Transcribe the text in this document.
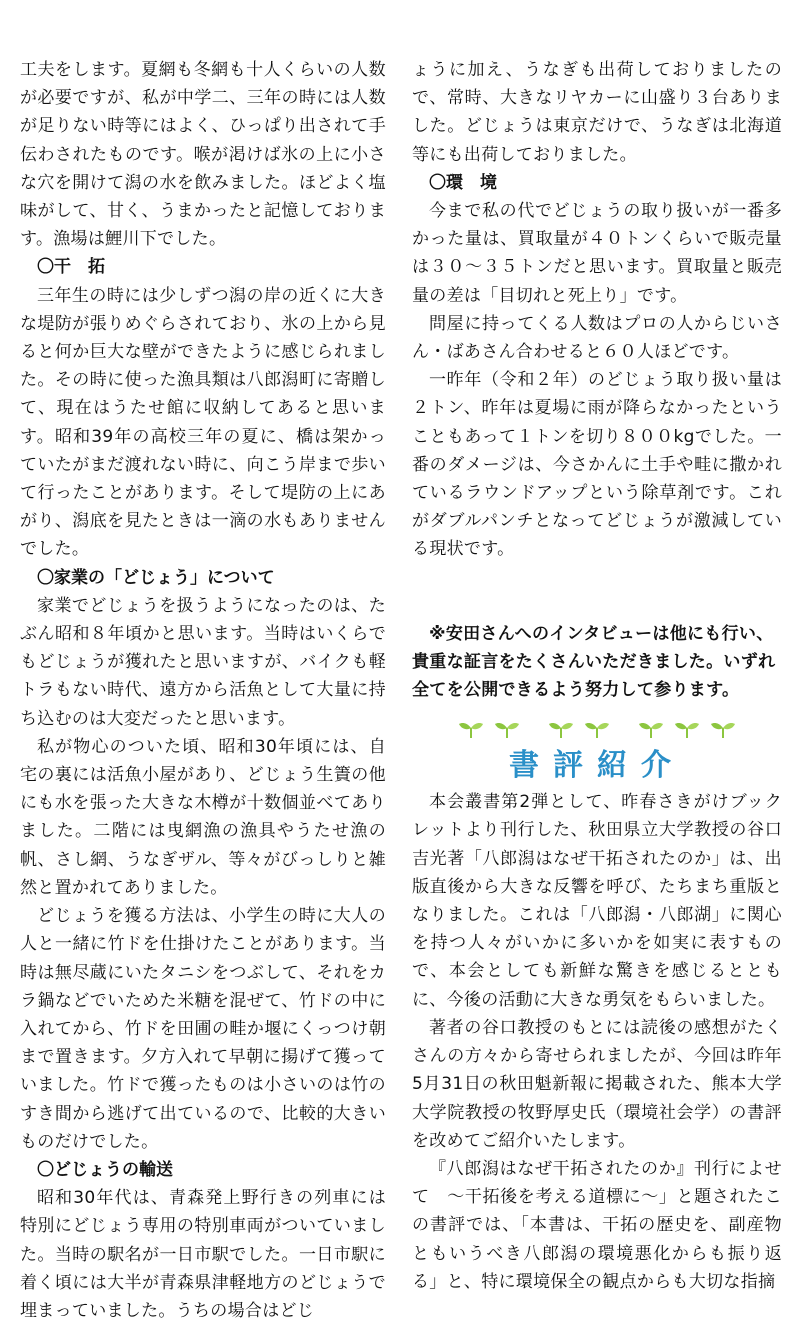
工夫をします。夏網も冬網も十人くらいの人数が必要ですが、私が中学二、三年の時には人数が足りない時等にはよく、ひっぱり出されて手伝わされたものです。喉が渇けば氷の上に小さな穴を開けて潟の水を飲みました。ほどよく塩味がして、甘く、うまかったと記憶しております。漁場は鯉川下でした。

〇干　拓

三年生の時には少しずつ潟の岸の近くに大きな堤防が張りめぐらされており、氷の上から見ると何か巨大な壁ができたように感じられました。その時に使った漁具類は八郎潟町に寄贈して、現在はうたせ館に収納してあると思います。昭和39年の高校三年の夏に、橋は架かっていたがまだ渡れない時に、向こう岸まで歩いて行ったことがあります。そして堤防の上にあがり、潟底を見たときは一滴の水もありませんでした。

〇家業の「どじょう」について

家業でどじょうを扱うようになったのは、たぶん昭和８年頃かと思います。当時はいくらでもどじょうが獲れたと思いますが、バイクも軽トラもない時代、遠方から活魚として大量に持ち込むのは大変だったと思います。

私が物心のついた頃、昭和30年頃には、自宅の裏には活魚小屋があり、どじょう生簀の他にも水を張った大きな木樽が十数個並べてありました。二階には曳網漁の漁具やうたせ漁の帆、さし網、うなぎザル、等々がびっしりと雑然と置かれてありました。

どじょうを獲る方法は、小学生の時に大人の人と一緒に竹ドを仕掛けたことがあります。当時は無尽蔵にいたタニシをつぶして、それをカラ鍋などでいためた米糖を混ぜて、竹ドの中に入れてから、竹ドを田圃の畦か堰にくっつけ朝まで置きます。夕方入れて早朝に揚げて獲っていました。竹ドで獲ったものは小さいのは竹のすき間から逃げて出ているので、比較的大きいものだけでした。

〇どじょうの輸送

昭和30年代は、青森発上野行きの列車には特別にどじょう専用の特別車両がついていました。当時の駅名が一日市駅でした。一日市駅に着く頃には大半が青森県津軽地方のどじょうで埋まっていました。うちの場合はどじ

ょうに加え、うなぎも出荷しておりましたので、常時、大きなリヤカーに山盛り３台ありました。どじょうは東京だけで、うなぎは北海道等にも出荷しておりました。

〇環　境

今まで私の代でどじょうの取り扱いが一番多かった量は、買取量が４０トンくらいで販売量は３０～３５トンだと思います。買取量と販売量の差は「目切れと死上り」です。

問屋に持ってくる人数はプロの人からじいさん・ばあさん合わせると６０人ほどです。

一昨年（令和２年）のどじょう取り扱い量は２トン、昨年は夏場に雨が降らなかったということもあって１トンを切り８００kgでした。一番のダメージは、今さかんに土手や畦に撒かれているラウンドアップという除草剤です。これがダブルパンチとなってどじょうが激減している現状です。

※安田さんへのインタビューは他にも行い、貴重な証言をたくさんいただきました。いずれ全てを公開できるよう努力して参ります。

書評紹介

本会叢書第2弾として、昨春さきがけブックレットより刊行した、秋田県立大学教授の谷口吉光著「八郎潟はなぜ干拓されたのか」は、出版直後から大きな反響を呼び、たちまち重版となりました。これは「八郎潟・八郎湖」に関心を持つ人々がいかに多いかを如実に表すもので、本会としても新鮮な驚きを感じるとともに、今後の活動に大きな勇気をもらいました。

著者の谷口教授のもとには読後の感想がたくさんの方々から寄せられましたが、今回は昨年5月31日の秋田魁新報に掲載された、熊本大学大学院教授の牧野厚史氏（環境社会学）の書評を改めてご紹介いたします。

『八郎潟はなぜ干拓されたのか』刊行によせて　～干拓後を考える道標に～」と題されたこの書評では、「本書は、干拓の歴史を、副産物ともいうべき八郎潟の環境悪化からも振り返る」と、特に環境保全の観点からも大切な指摘
